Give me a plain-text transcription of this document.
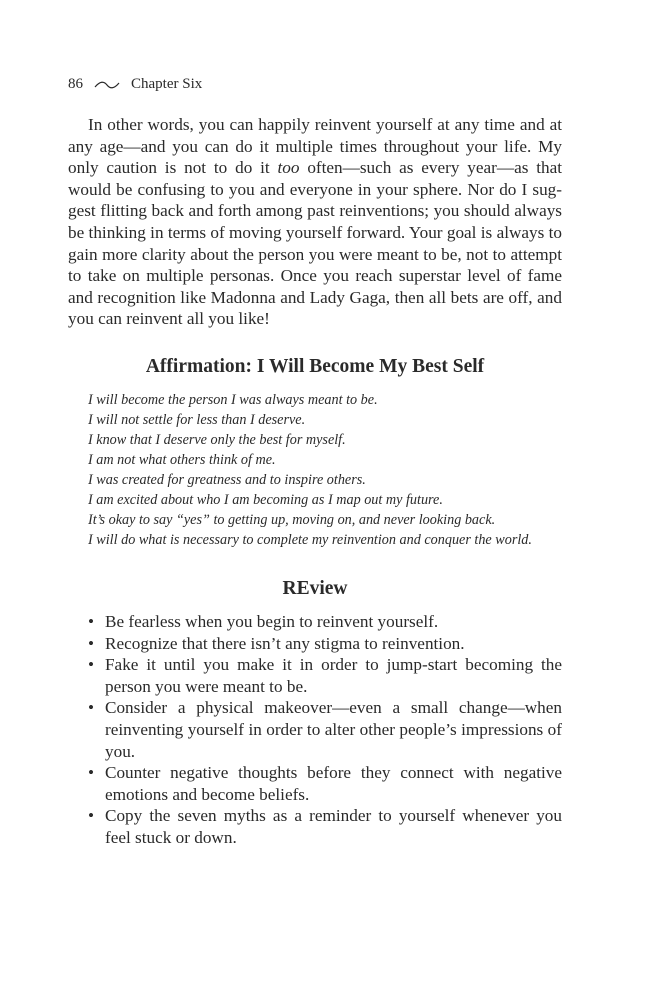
86	Chapter Six

In other words, you can happily reinvent yourself at any time and at any age—and you can do it multiple times throughout your life. My only caution is not to do it too often—such as every year—as that would be confusing to you and everyone in your sphere. Nor do I suggest flitting back and forth among past reinventions; you should always be thinking in terms of moving yourself forward. Your goal is always to gain more clarity about the person you were meant to be, not to attempt to take on multiple personas. Once you reach superstar level of fame and recognition like Madonna and Lady Gaga, then all bets are off, and you can reinvent all you like!

Affirmation: I Will Become My Best Self
I will become the person I was always meant to be.
I will not settle for less than I deserve.
I know that I deserve only the best for myself.
I am not what others think of me.
I was created for greatness and to inspire others.
I am excited about who I am becoming as I map out my future.
It’s okay to say “yes” to getting up, moving on, and never looking back.
I will do what is necessary to complete my reinvention and conquer the world.
REview
• Be fearless when you begin to reinvent yourself.
• Recognize that there isn’t any stigma to reinvention.
• Fake it until you make it in order to jump-start becoming the person you were meant to be.
• Consider a physical makeover—even a small change—when reinventing yourself in order to alter other people’s impressions of you.
• Counter negative thoughts before they connect with negative emotions and become beliefs.
• Copy the seven myths as a reminder to yourself whenever you feel stuck or down.
